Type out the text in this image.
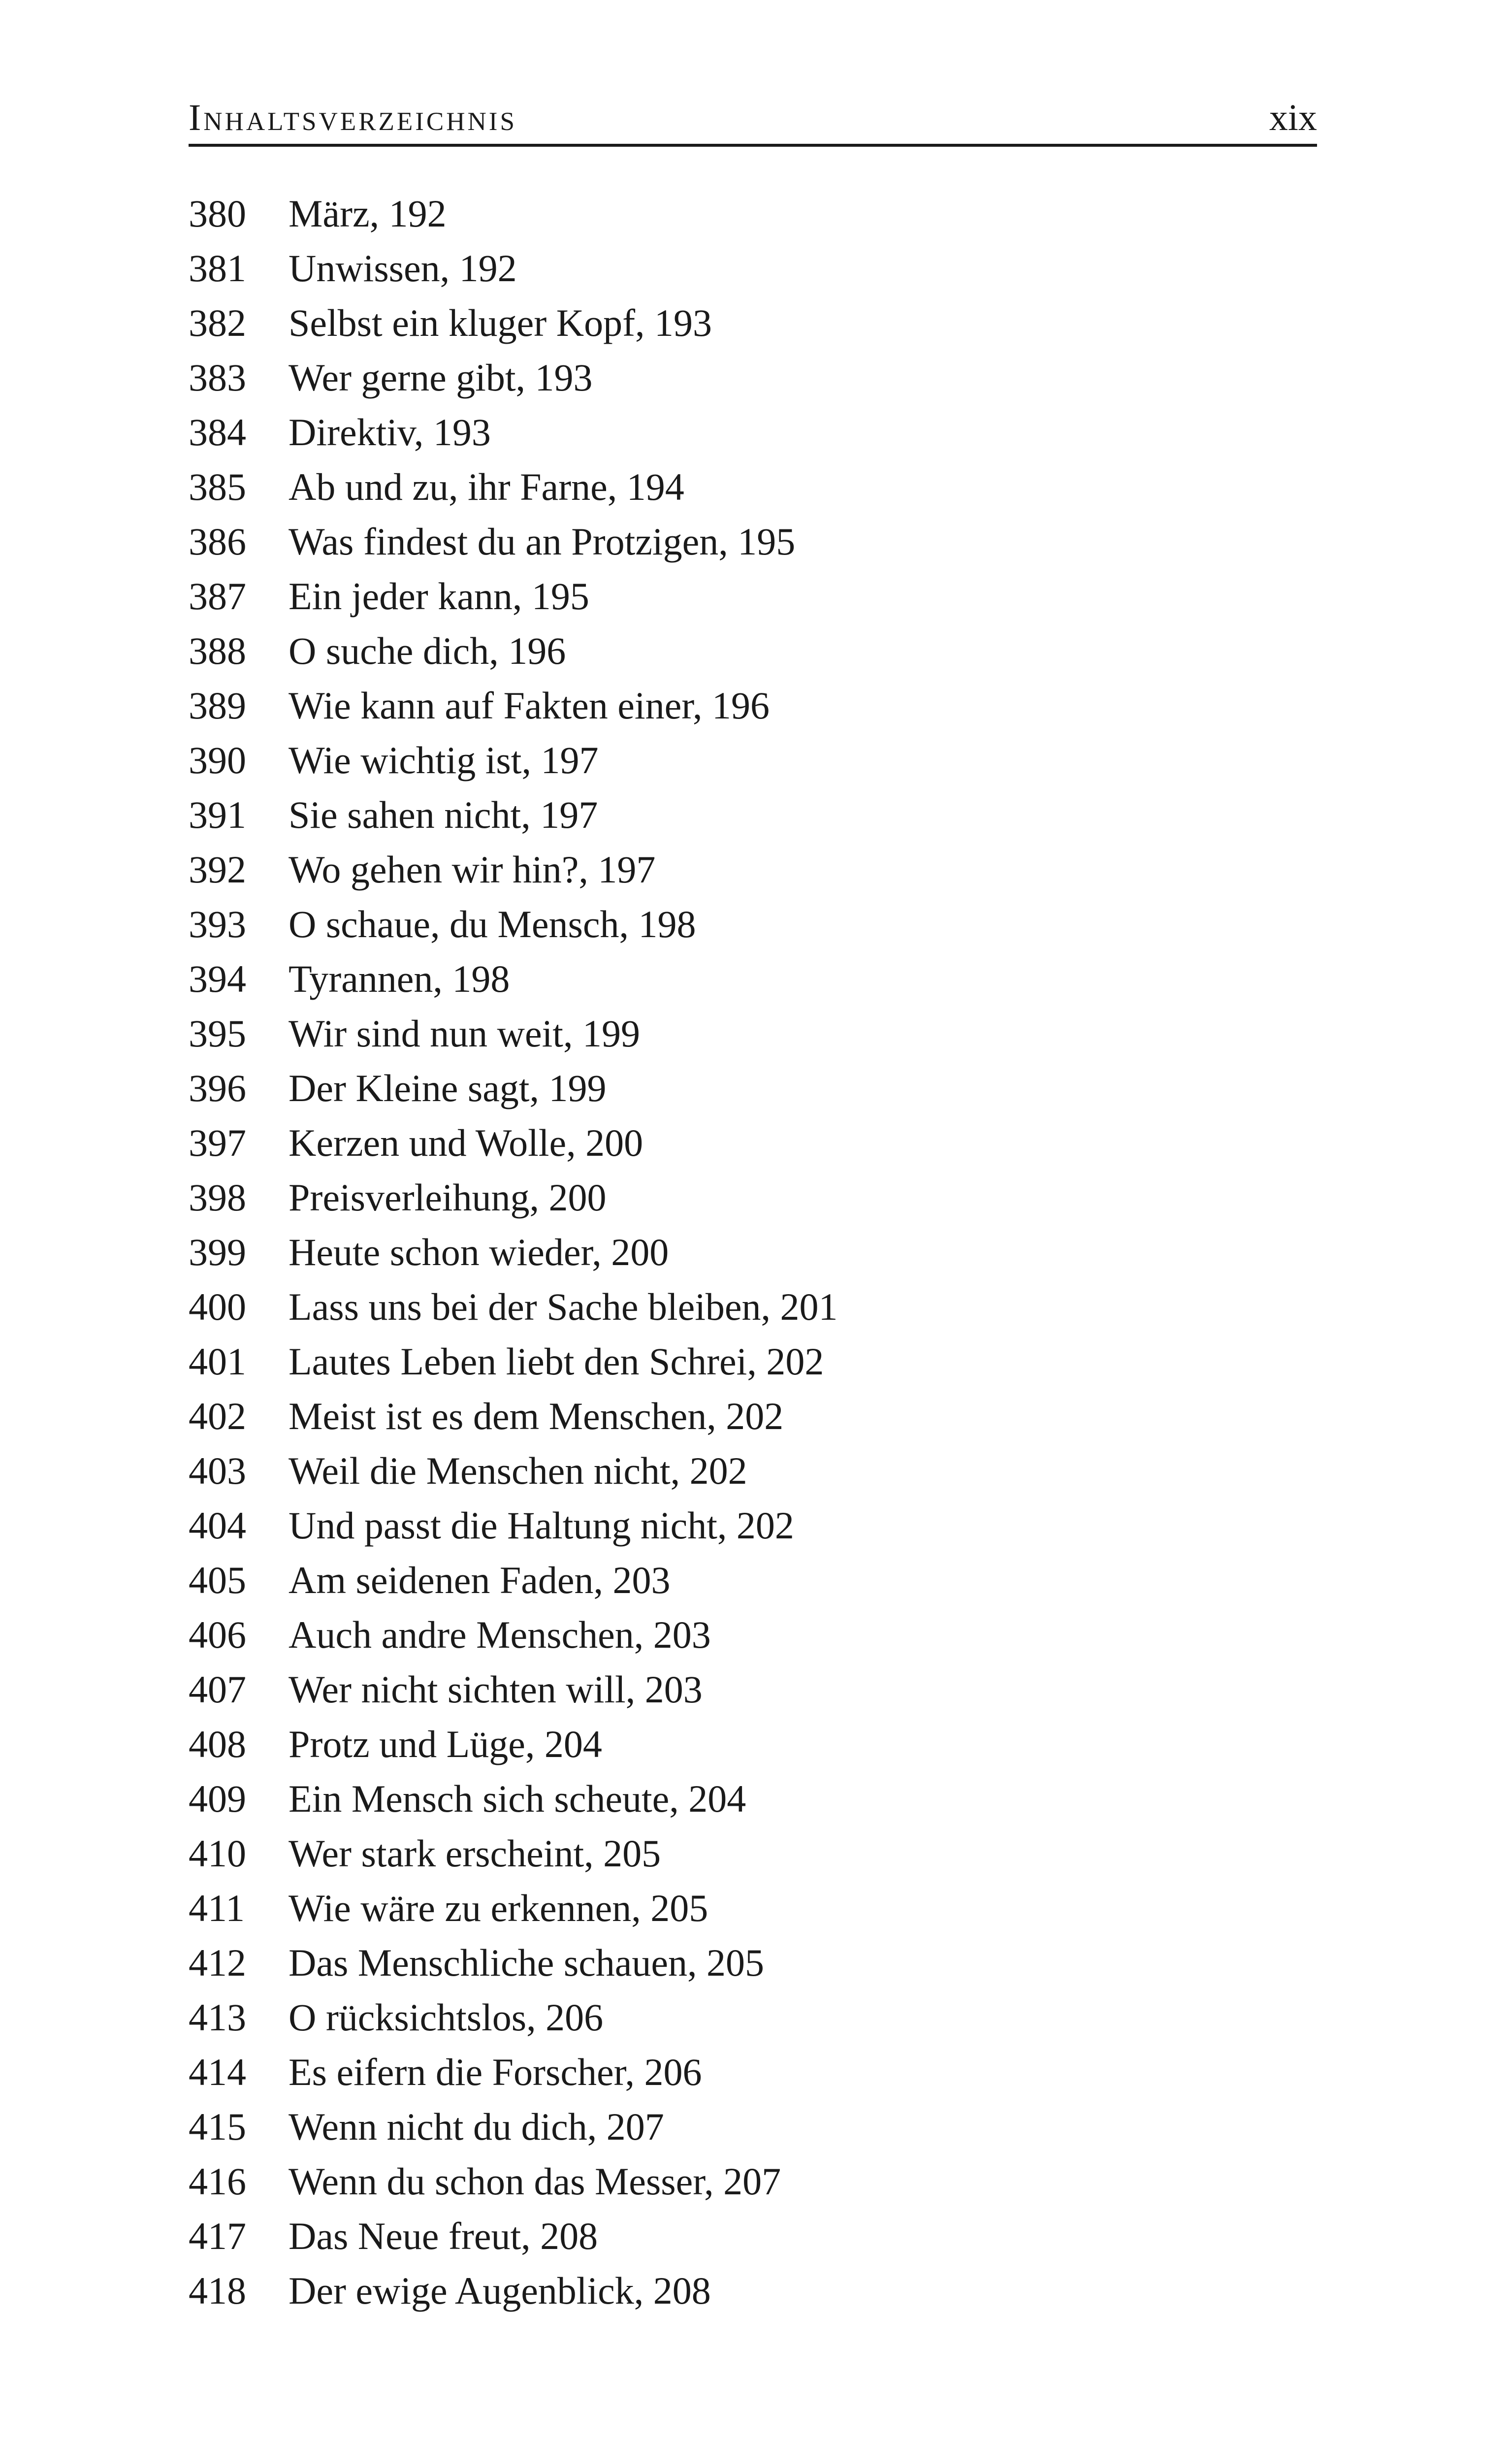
Inhaltsverzeichnis	xix
380 März, 192
381 Unwissen, 192
382 Selbst ein kluger Kopf, 193
383 Wer gerne gibt, 193
384 Direktiv, 193
385 Ab und zu, ihr Farne, 194
386 Was findest du an Protzigen, 195
387 Ein jeder kann, 195
388 O suche dich, 196
389 Wie kann auf Fakten einer, 196
390 Wie wichtig ist, 197
391 Sie sahen nicht, 197
392 Wo gehen wir hin?, 197
393 O schaue, du Mensch, 198
394 Tyrannen, 198
395 Wir sind nun weit, 199
396 Der Kleine sagt, 199
397 Kerzen und Wolle, 200
398 Preisverleihung, 200
399 Heute schon wieder, 200
400 Lass uns bei der Sache bleiben, 201
401 Lautes Leben liebt den Schrei, 202
402 Meist ist es dem Menschen, 202
403 Weil die Menschen nicht, 202
404 Und passt die Haltung nicht, 202
405 Am seidenen Faden, 203
406 Auch andre Menschen, 203
407 Wer nicht sichten will, 203
408 Protz und Lüge, 204
409 Ein Mensch sich scheute, 204
410 Wer stark erscheint, 205
411 Wie wäre zu erkennen, 205
412 Das Menschliche schauen, 205
413 O rücksichtslos, 206
414 Es eifern die Forscher, 206
415 Wenn nicht du dich, 207
416 Wenn du schon das Messer, 207
417 Das Neue freut, 208
418 Der ewige Augenblick, 208
